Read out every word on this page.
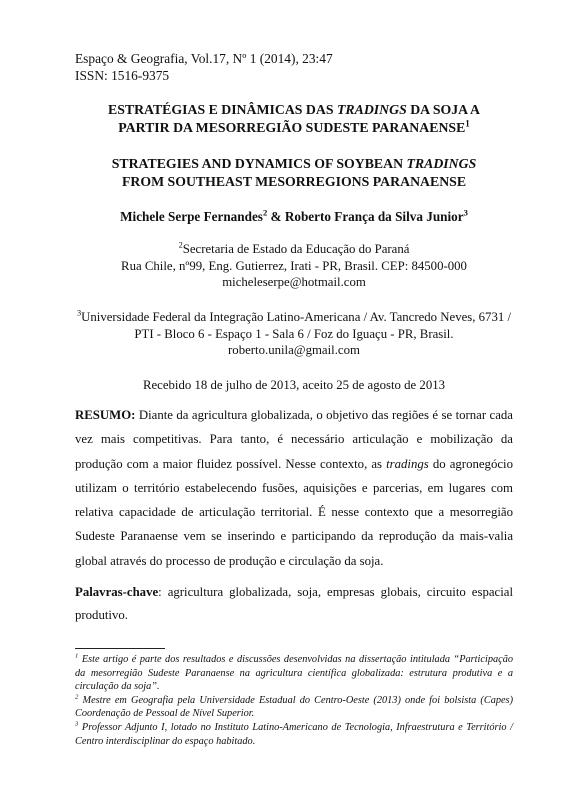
Espaço & Geografia, Vol.17, Nº 1 (2014), 23:47
ISSN: 1516-9375
ESTRATÉGIAS E DINÂMICAS DAS TRADINGS DA SOJA A
PARTIR DA MESORREGIÃO SUDESTE PARANAENSE$^1$
STRATEGIES AND DYNAMICS OF SOYBEAN TRADINGS
FROM SOUTHEAST MESORREGIONS PARANAENSE
Michele Serpe Fernandes$^2$ & Roberto França da Silva Junior$^3$
$^2$Secretaria de Estado da Educação do Paraná
Rua Chile, nº99, Eng. Gutierrez, Irati - PR, Brasil. CEP: 84500-000
micheleserpe@hotmail.com
$^3$Universidade Federal da Integração Latino-Americana / Av. Tancredo Neves, 6731 /
PTI - Bloco 6 - Espaço 1 - Sala 6 / Foz do Iguaçu - PR, Brasil.
roberto.unila@gmail.com
Recebido 18 de julho de 2013, aceito 25 de agosto de 2013
RESUMO: Diante da agricultura globalizada, o objetivo das regiões é se tornar cada vez mais competitivas. Para tanto, é necessário articulação e mobilização da produção com a maior fluidez possível. Nesse contexto, as tradings do agronegócio utilizam o território estabelecendo fusões, aquisições e parcerias, em lugares com relativa capacidade de articulação territorial. É nesse contexto que a mesorregião Sudeste Paranaense vem se inserindo e participando da reprodução da mais-valia global através do processo de produção e circulação da soja.
Palavras-chave: agricultura globalizada, soja, empresas globais, circuito espacial produtivo.

$^1$ Este artigo é parte dos resultados e discussões desenvolvidas na dissertação intitulada “Participação da mesorregião Sudeste Paranaense na agricultura científica globalizada: estrutura produtiva e a circulação da soja”.

$^2$ Mestre em Geografia pela Universidade Estadual do Centro-Oeste (2013) onde foi bolsista (Capes) Coordenação de Pessoal de Nível Superior.

$^3$ Professor Adjunto I, lotado no Instituto Latino-Americano de Tecnologia, Infraestrutura e Território / Centro interdisciplinar do espaço habitado.
